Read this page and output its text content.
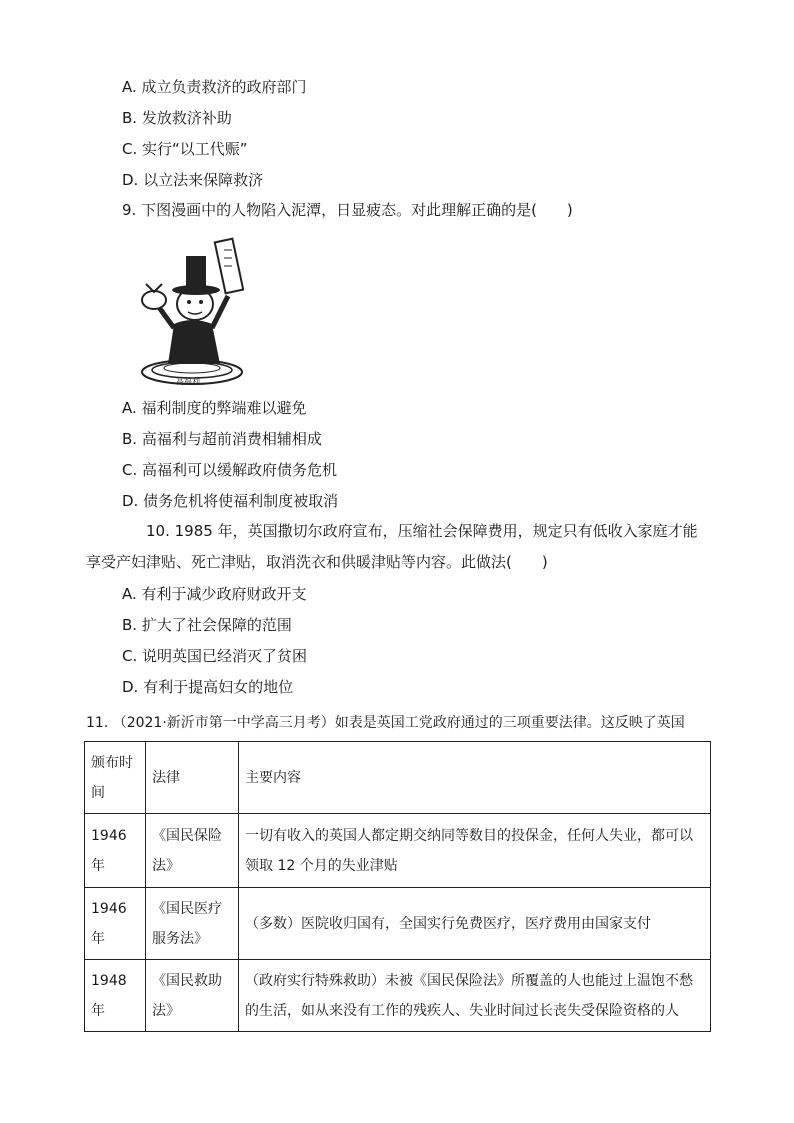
A. 成立负责救济的政府部门
B. 发放救济补助
C. 实行“以工代赈”
D. 以立法来保障救济
9. 下图漫画中的人物陷入泥潭，日显疲态。对此理解正确的是(　　)
高福利
A. 福利制度的弊端难以避免
B. 高福利与超前消费相辅相成
C. 高福利可以缓解政府债务危机
D. 债务危机将使福利制度被取消
10. 1985 年，英国撒切尔政府宣布，压缩社会保障费用，规定只有低收入家庭才能
享受产妇津贴、死亡津贴，取消洗衣和供暖津贴等内容。此做法(　　)
A. 有利于减少政府财政开支
B. 扩大了社会保障的范围
C. 说明英国已经消灭了贫困
D. 有利于提高妇女的地位
11. （2021·新沂市第一中学高三月考）如表是英国工党政府通过的三项重要法律。这反映了英国
颁布时间	法律	主要内容

1946 年	《国民保险法》	一切有收入的英国人都定期交纳同等数目的投保金，任何人失业，都可以领取 12 个月的失业津贴

1946 年	《国民医疗服务法》	（多数）医院收归国有，全国实行免费医疗，医疗费用由国家支付

1948 年	《国民救助法》	（政府实行特殊救助）未被《国民保险法》所覆盖的人也能过上温饱不愁的生活，如从来没有工作的残疾人、失业时间过长丧失受保险资格的人
